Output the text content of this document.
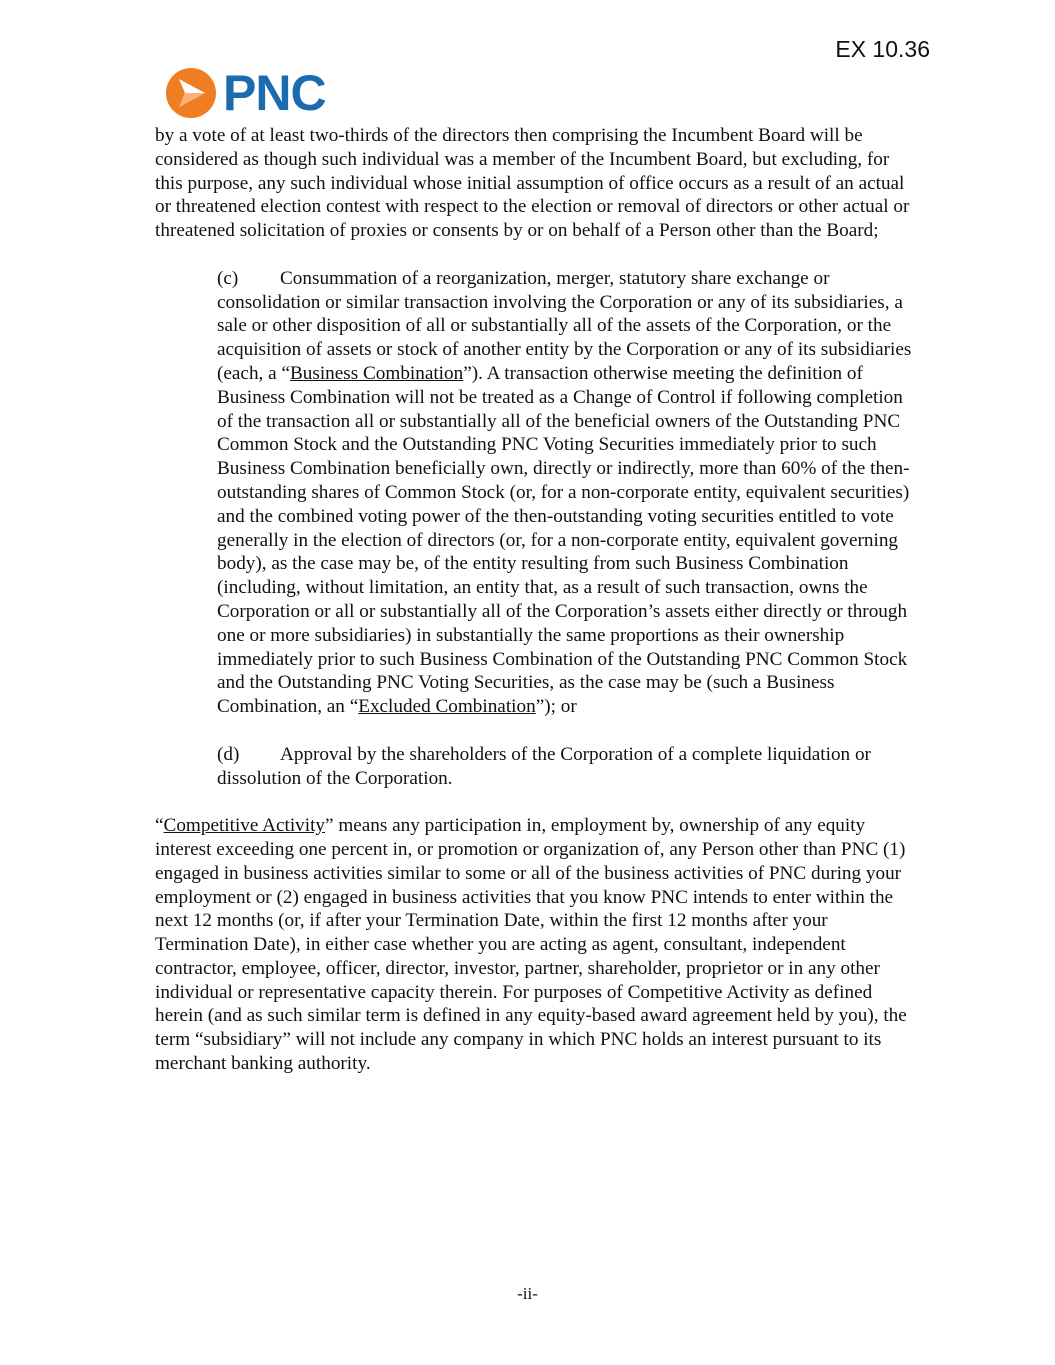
EX 10.36
PNC

by a vote of at least two-thirds of the directors then comprising the Incumbent Board will be considered as though such individual was a member of the Incumbent Board, but excluding, for this purpose, any such individual whose initial assumption of office occurs as a result of an actual or threatened election contest with respect to the election or removal of directors or other actual or threatened solicitation of proxies or consents by or on behalf of a Person other than the Board;

(c) Consummation of a reorganization, merger, statutory share exchange or consolidation or similar transaction involving the Corporation or any of its subsidiaries, a sale or other disposition of all or substantially all of the assets of the Corporation, or the acquisition of assets or stock of another entity by the Corporation or any of its subsidiaries (each, a “Business Combination”). A transaction otherwise meeting the definition of Business Combination will not be treated as a Change of Control if following completion of the transaction all or substantially all of the beneficial owners of the Outstanding PNC Common Stock and the Outstanding PNC Voting Securities immediately prior to such Business Combination beneficially own, directly or indirectly, more than 60% of the then-outstanding shares of Common Stock (or, for a non-corporate entity, equivalent securities) and the combined voting power of the then-outstanding voting securities entitled to vote generally in the election of directors (or, for a non-corporate entity, equivalent governing body), as the case may be, of the entity resulting from such Business Combination (including, without limitation, an entity that, as a result of such transaction, owns the Corporation or all or substantially all of the Corporation’s assets either directly or through one or more subsidiaries) in substantially the same proportions as their ownership immediately prior to such Business Combination of the Outstanding PNC Common Stock and the Outstanding PNC Voting Securities, as the case may be (such a Business Combination, an “Excluded Combination”); or

(d) Approval by the shareholders of the Corporation of a complete liquidation or dissolution of the Corporation.

“Competitive Activity” means any participation in, employment by, ownership of any equity interest exceeding one percent in, or promotion or organization of, any Person other than PNC (1) engaged in business activities similar to some or all of the business activities of PNC during your employment or (2) engaged in business activities that you know PNC intends to enter within the next 12 months (or, if after your Termination Date, within the first 12 months after your Termination Date), in either case whether you are acting as agent, consultant, independent contractor, employee, officer, director, investor, partner, shareholder, proprietor or in any other individual or representative capacity therein. For purposes of Competitive Activity as defined herein (and as such similar term is defined in any equity-based award agreement held by you), the term “subsidiary” will not include any company in which PNC holds an interest pursuant to its merchant banking authority.

-ii-
